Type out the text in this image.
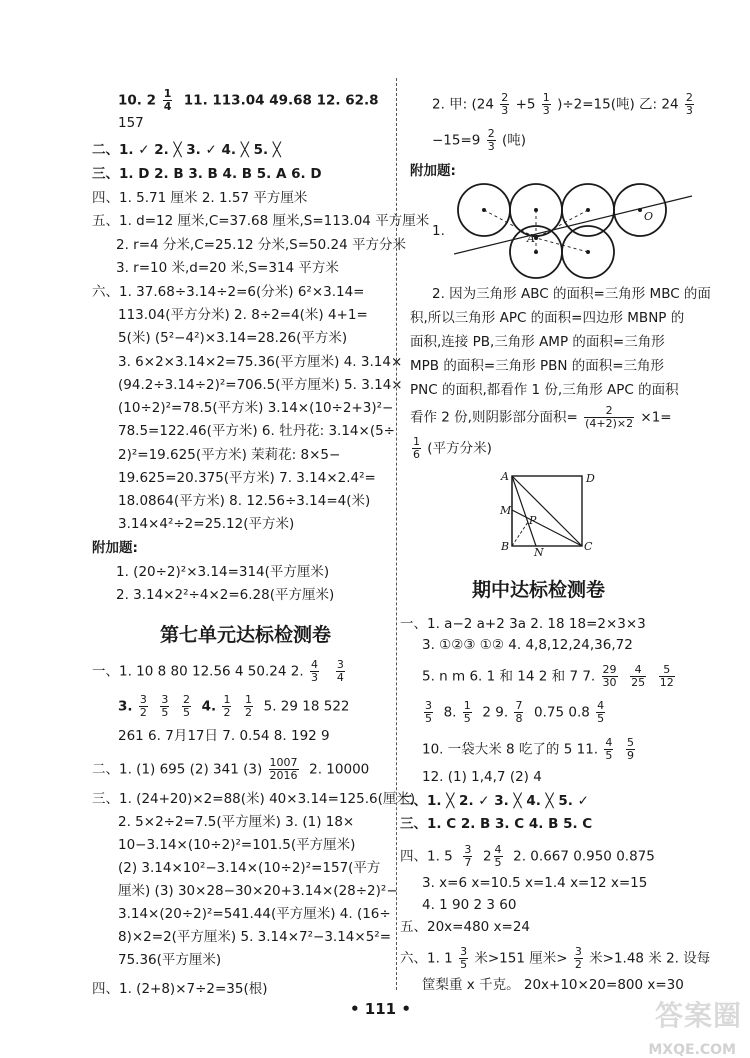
10. $2 \frac{1}{4} 11$. 113.04 49.68 12. 62.8
157
二、1. ✓ 2. ╳ 3. ✓ 4. ╳ 5. ╳
三、1. D 2. B 3. B 4. B 5. A 6. D
四、1. 5.71 厘米 2. 1.57 平方厘米
五、1. d=12 厘米,C=37.68 厘米,S=113.04 平方厘米
2. r=4 分米,C=25.12 分米,S=50.24 平方分米
3. r=10 米,d=20 米,S=314 平方米
六、1. 37.68÷3.14÷2=6(分米) 6²×3.14=
113.04(平方分米) 2. 8÷2=4(米) 4+1=
5(米) (5²−4²)×3.14=28.26(平方米)
3. 6×2×3.14×2=75.36(平方厘米) 4. 3.14×
(94.2÷3.14÷2)²=706.5(平方厘米) 5. 3.14×
(10÷2)²=78.5(平方米) 3.14×(10÷2+3)²−
78.5=122.46(平方米) 6. 牡丹花: 3.14×(5÷
2)²=19.625(平方米) 茉莉花: 8×5−
19.625=20.375(平方米) 7. 3.14×2.4²=
18.0864(平方米) 8. 12.56÷3.14=4(米)
3.14×4²÷2=25.12(平方米)
附加题:
1. (20÷2)²×3.14=314(平方厘米)
2. 3.14×2²÷4×2=6.28(平方厘米)
第七单元达标检测卷
一、1. 10 8 80 12.56 4 50.24 2. $\frac{4}{3}$
$\frac{3}{4}$
3. $\frac{3}{2}$
$\frac{3}{5}$
$\frac{2}{5} 4$. $\frac{1}{2}$
$\frac{1}{2} 5$. 29 18 522
261 6. 7月17日 7. 0.54 8. 192 9
二、1. (1) 695 (2) 341 $(3) \frac{1007}{2016} 2$. 10000
三、1. (24+20)×2=88(米) 40×3.14=125.6(厘米)
2. 5×2÷2=7.5(平方厘米) 3. (1) 18×
10−3.14×(10÷2)²=101.5(平方厘米)
(2) 3.14×10²−3.14×(10÷2)²=157(平方
厘米) (3) 30×28−30×20+3.14×(28÷2)²−
3.14×(20÷2)²=541.44(平方厘米) 4. (16÷
8)×2=2(平方厘米) 5. 3.14×7²−3.14×5²=
75.36(平方厘米)
四、1. (2+8)×7÷2=35(根)
2. 甲: $(24 \frac{2}{3} +5 \frac{1}{3} )\div 2=15$(吨) 乙: $24 \frac{2}{3}$
$-15=9 \frac{2}{3}$ (吨)
附加题:
1.	A
O
2. 因为三角形 ABC 的面积=三角形 MBC 的面
积,所以三角形 APC 的面积=四边形 MBNP 的
面积,连接 PB,三角形 AMP 的面积=三角形
MPB 的面积=三角形 PBN 的面积=三角形
PNC 的面积,都看作 1 份,三角形 APC 的面积
看作 2 份,则阴影部分面积= $\frac{2}{(4+2)\times 2} \times 1=$
$\frac{1}{6}$ (平方分米)
A	D
M
P
B N	C
期中达标检测卷
一、1. a−2 a+2 3a 2. 18 18=2×3×3
3. ①②③ ①② 4. 4,8,12,24,36,72
5. n m 6. 1 和 14 2 和 7 7. $\frac{29}{30}$
$\frac{4}{25}$
$\frac{5}{12}$
$\frac{3}{5} 8$. $\frac{1}{5} 2$ 9. $\frac{7}{8} 0.75$ $0.8 \frac{4}{5}$
10. 一袋大米 8 吃了的 5 11. $\frac{4}{5}$
$\frac{5}{9}$
12. (1) 1,4,7 (2) 4
二、1. ╳ 2. ✓ 3. ╳ 4. ╳ 5. ✓
三、1. C 2. B 3. C 4. B 5. C
四、1. $5 \frac{3}{7} 2 \frac{4}{5} 2$. 0.667 0.950 0.875
3. x=6 x=10.5 x=1.4 x=12 x=15
4. 1 90 2 3 60
五、20x=480 x=24
六、1. $1 \frac{3}{5}$ 米>151 厘米> $\frac{3}{2}$ 米>1.48 米 2. 设每
筐梨重 x 千克。 20x+10×20=800 x=30
• 111 •	答案圈
MXQE.COM
